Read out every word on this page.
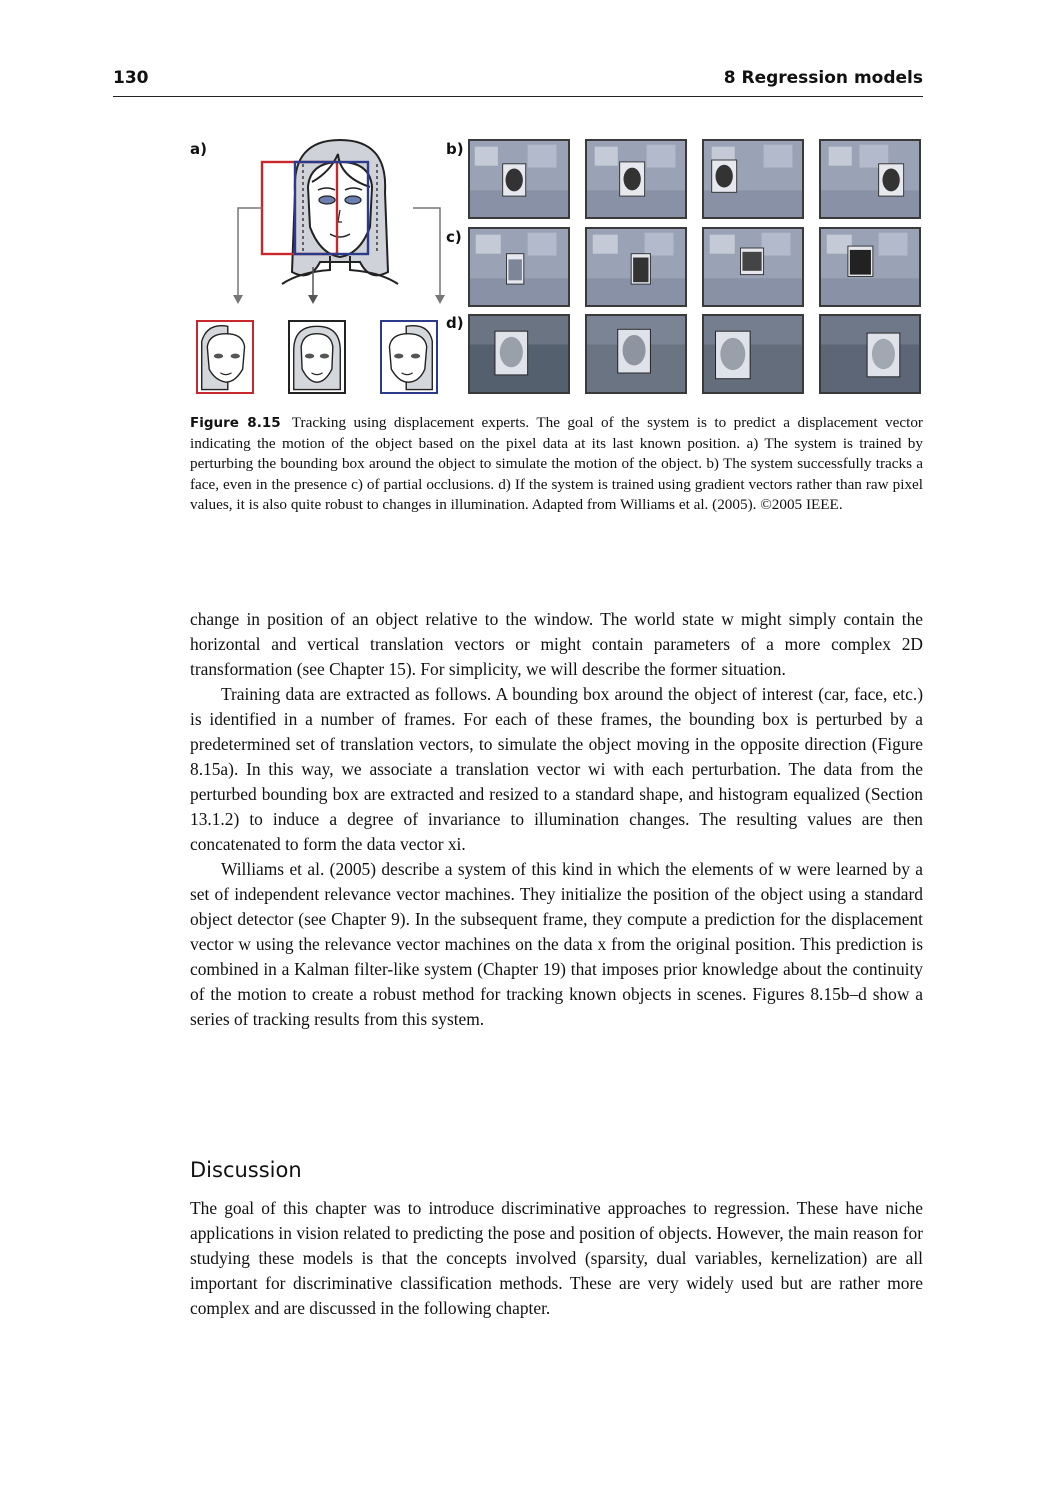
130	8 Regression models
a)	b)
c)
d)
Figure 8.15 Tracking using displacement experts. The goal of the system is to predict a displacement vector indicating the motion of the object based on the pixel data at its last known position. a) The system is trained by perturbing the bounding box around the object to simulate the motion of the object. b) The system successfully tracks a face, even in the presence c) of partial occlusions. d) If the system is trained using gradient vectors rather than raw pixel values, it is also quite robust to changes in illumination. Adapted from Williams et al. (2005). ©2005 IEEE.

change in position of an object relative to the window. The world state w might simply contain the horizontal and vertical translation vectors or might contain parameters of a more complex 2D transformation (see Chapter 15). For simplicity, we will describe the former situation.

Training data are extracted as follows. A bounding box around the object of interest (car, face, etc.) is identified in a number of frames. For each of these frames, the bounding box is perturbed by a predetermined set of translation vectors, to simulate the object moving in the opposite direction (Figure 8.15a). In this way, we associate a translation vector wi with each perturbation. The data from the perturbed bounding box are extracted and resized to a standard shape, and histogram equalized (Section 13.1.2) to induce a degree of invariance to illumination changes. The resulting values are then concatenated to form the data vector xi.

Williams et al. (2005) describe a system of this kind in which the elements of w were learned by a set of independent relevance vector machines. They initialize the position of the object using a standard object detector (see Chapter 9). In the subsequent frame, they compute a prediction for the displacement vector w using the relevance vector machines on the data x from the original position. This prediction is combined in a Kalman filter-like system (Chapter 19) that imposes prior knowledge about the continuity of the motion to create a robust method for tracking known objects in scenes. Figures 8.15b–d show a series of tracking results from this system.

Discussion

The goal of this chapter was to introduce discriminative approaches to regression. These have niche applications in vision related to predicting the pose and position of objects. However, the main reason for studying these models is that the concepts involved (sparsity, dual variables, kernelization) are all important for discriminative classification methods. These are very widely used but are rather more complex and are discussed in the following chapter.
